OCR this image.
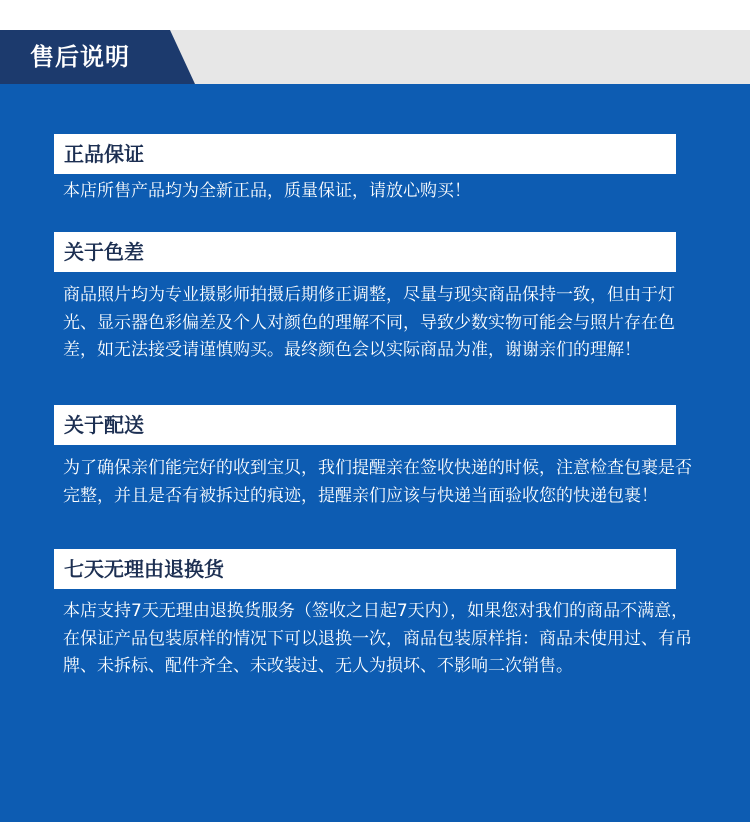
售后说明
正品保证
本店所售产品均为全新正品，质量保证，请放心购买！
关于色差
商品照片均为专业摄影师拍摄后期修正调整，尽量与现实商品保持一致，但由于灯光、显示器色彩偏差及个人对颜色的理解不同，导致少数实物可能会与照片存在色差，如无法接受请谨慎购买。最终颜色会以实际商品为准，谢谢亲们的理解！
关于配送
为了确保亲们能完好的收到宝贝，我们提醒亲在签收快递的时候，注意检查包裹是否完整，并且是否有被拆过的痕迹，提醒亲们应该与快递当面验收您的快递包裹！
七天无理由退换货
本店支持7天无理由退换货服务（签收之日起7天内），如果您对我们的商品不满意，在保证产品包装原样的情况下可以退换一次，商品包装原样指：商品未使用过、有吊牌、未拆标、配件齐全、未改装过、无人为损坏、不影响二次销售。
